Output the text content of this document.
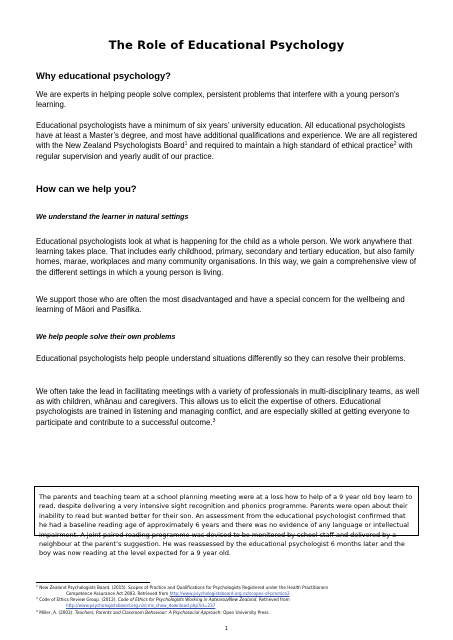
The Role of Educational Psychology
Why educational psychology?
We are experts in helping people solve complex, persistent problems that interfere with a young person’s learning.
Educational psychologists have a minimum of six years’ university education. All educational psychologists have at least a Master’s degree, and most have additional qualifications and experience. We are all registered with the New Zealand Psychologists Board$^1$ and required to maintain a high standard of ethical practice$^2$ with regular supervision and yearly audit of our practice.
How can we help you?
We understand the learner in natural settings
Educational psychologists look at what is happening for the child as a whole person. We work anywhere that learning takes place. That includes early childhood, primary, secondary and tertiary education, but also family homes, marae, workplaces and many community organisations. In this way, we gain a comprehensive view of the different settings in which a young person is living.
We support those who are often the most disadvantaged and have a special concern for the wellbeing and learning of Māori and Pasifika.
We help people solve their own problems
Educational psychologists help people understand situations differently so they can resolve their problems.
We often take the lead in facilitating meetings with a variety of professionals in multi-disciplinary teams, as well as with children, whānau and caregivers. This allows us to elicit the expertise of others. Educational psychologists are trained in listening and managing conflict, and are especially skilled at getting everyone to participate and contribute to a successful outcome.$^3$
The parents and teaching team at a school planning meeting were at a loss how to help of a 9 year old boy learn to read, despite delivering a very intensive sight recognition and phonics programme. Parents were open about their inability to read but wanted better for their son. An assessment from the educational psychologist confirmed that he had a baseline reading age of approximately 6 years and there was no evidence of any language or intellectual impairment. A joint paired reading programme was devised to be monitored by school staff and delivered by a neighbour at the parent’s suggestion. He was reassessed by the educational psychologist 6 months later and the boy was now reading at the level expected for a 9 year old.
$^1$ New Zealand Psychologists Board. (2015). Scopes of Practice and Qualifications for Psychologists Registered under the Health Practitioners
Competence Assurance Act 2003. Retrieved from http://www.psychologistsboard.org.nz/scopes-of-practice2
$^2$ Code of Ethics Review Group. (2012). Code of Ethics for Psychologists Working in Aotearoa/New Zealand. Retrieved from
http://www.psychologistsboard.org.nz/cms_show_download.php?id=237
$^3$ Miller, A. (2003). Teachers, Parents and Classroom Behaviour: A Psychosocial Approach: Open University Press.
1
